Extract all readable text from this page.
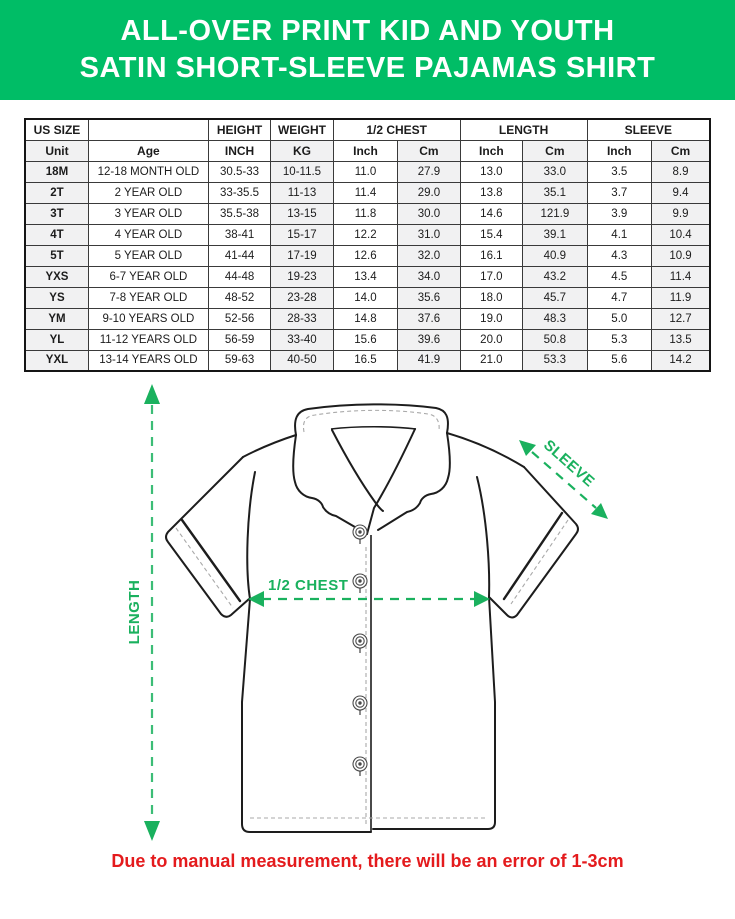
ALL-OVER PRINT KID AND YOUTH
SATIN SHORT-SLEEVE PAJAMAS SHIRT
US SIZE		HEIGHT	WEIGHT	1/2 CHEST		LENGTH		SLEEVE	
Unit	Age	INCH	KG	Inch	Cm	Inch	Cm	Inch	Cm
18M	12-18 MONTH OLD	30.5-33	10-11.5	11.0	27.9	13.0	33.0	3.5	8.9
2T	2 YEAR OLD	33-35.5	11-13	11.4	29.0	13.8	35.1	3.7	9.4
3T	3 YEAR OLD	35.5-38	13-15	11.8	30.0	14.6	121.9	3.9	9.9
4T	4 YEAR OLD	38-41	15-17	12.2	31.0	15.4	39.1	4.1	10.4
5T	5 YEAR OLD	41-44	17-19	12.6	32.0	16.1	40.9	4.3	10.9
YXS	6-7 YEAR OLD	44-48	19-23	13.4	34.0	17.0	43.2	4.5	11.4
YS	7-8 YEAR OLD	48-52	23-28	14.0	35.6	18.0	45.7	4.7	11.9
YM	9-10 YEARS OLD	52-56	28-33	14.8	37.6	19.0	48.3	5.0	12.7
YL	11-12 YEARS OLD	56-59	33-40	15.6	39.6	20.0	50.8	5.3	13.5
YXL	13-14 YEARS OLD	59-63	40-50	16.5	41.9	21.0	53.3	5.6	14.2
LENGTH	1/2 CHEST
SLEEVE
Due to manual measurement, there will be an error of 1-3cm
